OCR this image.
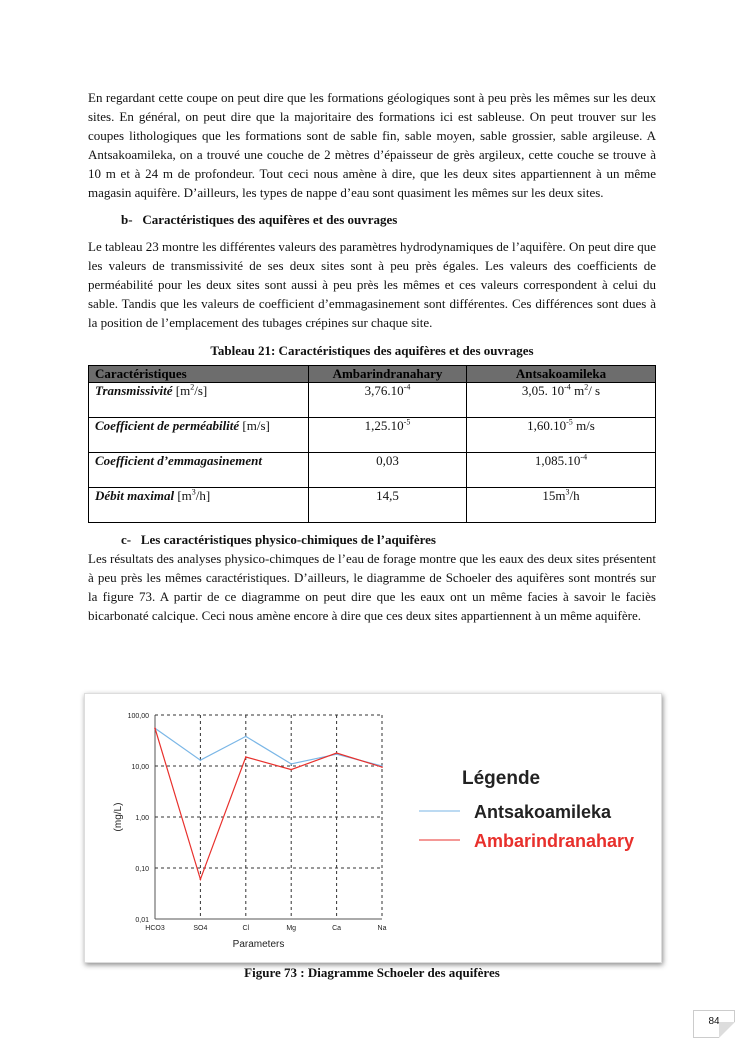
En regardant cette coupe on peut dire que les formations géologiques sont à peu près les mêmes sur les deux sites. En général, on peut dire que la majoritaire des formations ici est sableuse. On peut trouver sur les coupes lithologiques que les formations sont de sable fin, sable moyen, sable grossier, sable argileuse. A Antsakoamileka, on a trouvé une couche de 2 mètres d’épaisseur de grès argileux, cette couche se trouve à 10 m et à 24 m de profondeur. Tout ceci nous amène à dire, que les deux sites appartiennent à un même magasin aquifère. D’ailleurs, les types de nappe d’eau sont quasiment les mêmes sur les deux sites.

b- Caractéristiques des aquifères et des ouvrages

Le tableau 23 montre les différentes valeurs des paramètres hydrodynamiques de l’aquifère. On peut dire que les valeurs de transmissivité de ses deux sites sont à peu près égales. Les valeurs des coefficients de perméabilité pour les deux sites sont aussi à peu près les mêmes et ces valeurs correspondent à celui du sable. Tandis que les valeurs de coefficient d’emmagasinement sont différentes. Ces différences sont dues à la position de l’emplacement des tubages crépines sur chaque site.

Tableau 21: Caractéristiques des aquifères et des ouvrages
Caractéristiques	Ambarindranahary	Antsakoamileka
Transmissivité $[m^2/s]$	$3,76.10^{-4}$	3,05. $10^{-4}$ $m^2/$ s
Coefficient de perméabilité [m/s]	$1,25.10^{-5}$	$1,60.10^{-5}$ m/s
Coefficient d’emmagasinement	0,03	$1,085.10^{-4}$
Débit maximal $[m^3/h]$	14,5	$15m^3/h$

c- Les caractéristiques physico-chimiques de l’aquifères

Les résultats des analyses physico-chimques de l’eau de forage montre que les eaux des deux sites présentent à peu près les mêmes caractéristiques. D’ailleurs, le diagramme de Schoeler des aquifères sont montrés sur la figure 73. A partir de ce diagramme on peut dire que les eaux ont un même facies à savoir le faciès bicarbonaté calcique. Ceci nous amène encore à dire que ces deux sites appartiennent à un même aquifère.

0,01
0,10
1,00
10,00
100,00
HCO3	SO4	Cl	Mg	Ca	Na
Parameters
(mg/L)
Légende
Antsakoamileka
Ambarindranahary
Figure 73 : Diagramme Schoeler des aquifères
84
